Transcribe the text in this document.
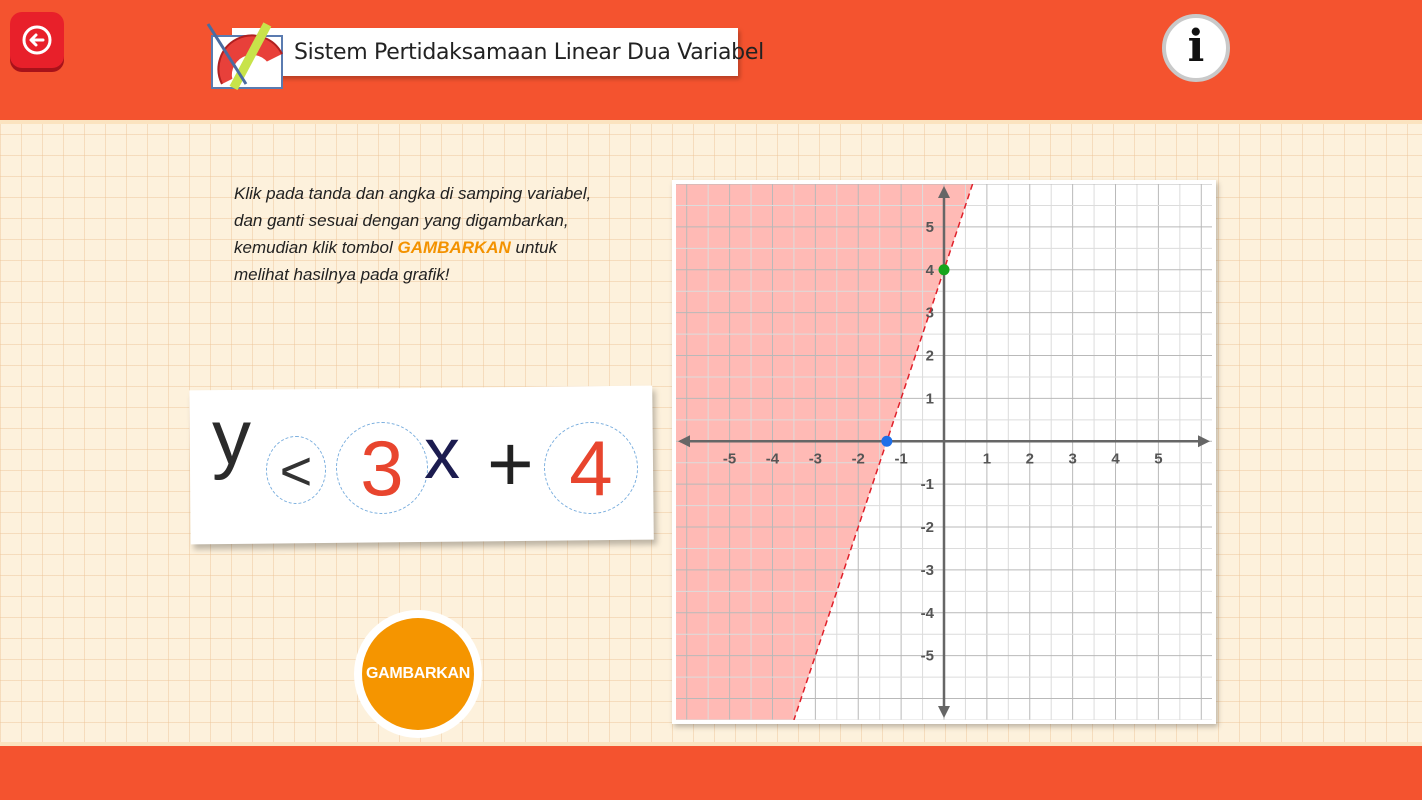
Sistem Pertidaksamaan Linear Dua Variabel	i
Klik pada tanda dan angka di samping variabel, dan ganti sesuai dengan yang digambarkan, kemudian klik tombol GAMBARKAN untuk melihat hasilnya pada grafik!
y < 3 x + 4
GAMBARKAN
-5 -4 -3 -2 -1	1 2 3 4 5
5
4
3
2
1
-1
-2
-3
-4
-5
